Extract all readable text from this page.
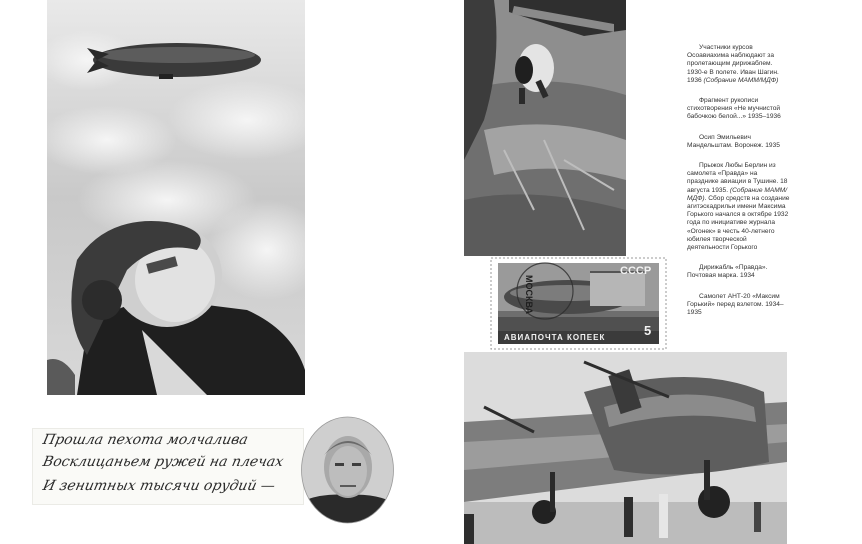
Прошла пехота молчалива
Восклицаньем ружей на плечах
И зенитных тысячи орудий —
СССР
5
АВИАПОЧТА КОПЕЕК
МОСКВА

Участники курсов Осоавиахима наблюдают за пролетающим дирижаблем. 1930-е В полете. Иван Шагин. 1936 (Собрание МАММ/МДФ)

Фрагмент рукописи стихотворения «Не мучнистой бабочкою белой...» 1935–1936

Осип Эмильевич Мандельштам. Воронеж. 1935

Прыжок Любы Берлин из самолета «Правда» на празднике авиации в Тушине. 18 августа 1935. (Собрание МАММ/ МДФ). Сбор средств на создание агитэскадрильи имени Максима Горького начался в октябре 1932 года по инициативе журнала «Огонек» в честь 40-летнего юбилея творческой деятельности Горького

Дирижабль «Правда». Почтовая марка. 1934

Самолет АНТ-20 «Максим Горький» перед взлетом. 1934–1935
